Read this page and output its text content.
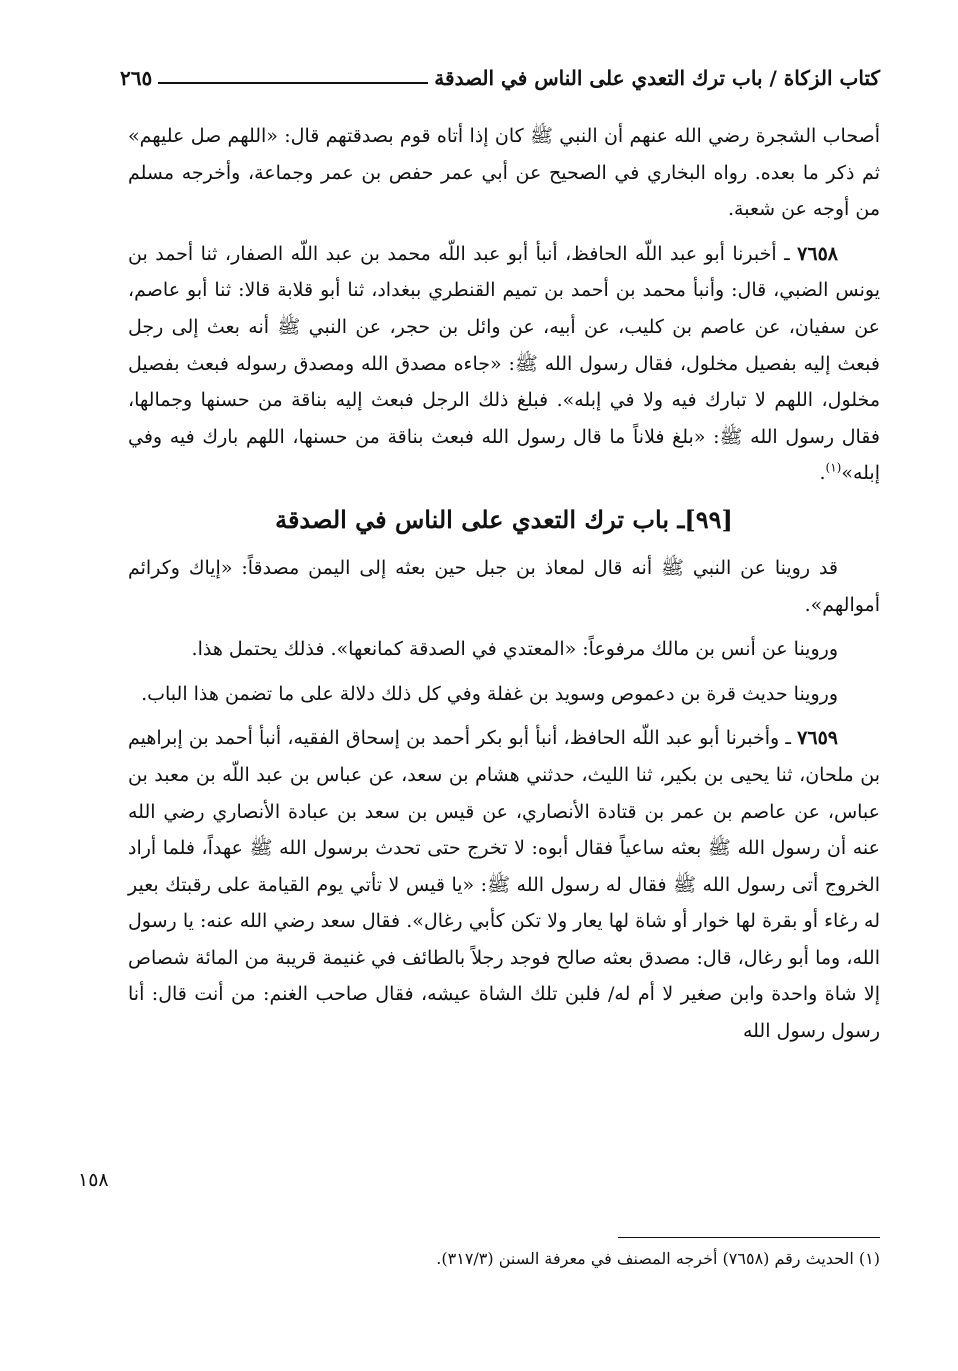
كتاب الزكاة / باب ترك التعدي على الناس في الصدقة
٢٦٥

أصحاب الشجرة رضي الله عنهم أن النبي ﷺ كان إذا أتاه قوم بصدقتهم قال: «اللهم صل عليهم» ثم ذكر ما بعده. رواه البخاري في الصحيح عن أبي عمر حفص بن عمر وجماعة، وأخرجه مسلم من أوجه عن شعبة.

٧٦٥٨ ـ أخبرنا أبو عبد اللّه الحافظ، أنبأ أبو عبد اللّه محمد بن عبد اللّه الصفار، ثنا أحمد بن يونس الضبي، قال: وأنبأ محمد بن أحمد بن تميم القنطري ببغداد، ثنا أبو قلابة قالا: ثنا أبو عاصم، عن سفيان، عن عاصم بن كليب، عن أبيه، عن وائل بن حجر، عن النبي ﷺ أنه بعث إلى رجل فبعث إليه بفصيل مخلول، فقال رسول الله ﷺ: «جاءه مصدق الله ومصدق رسوله فبعث بفصيل مخلول، اللهم لا تبارك فيه ولا في إبله». فبلغ ذلك الرجل فبعث إليه بناقة من حسنها وجمالها، فقال رسول الله ﷺ: «بلغ فلاناً ما قال رسول الله فبعث بناقة من حسنها، اللهم بارك فيه وفي إبله»$^{(١)}$.

[٩٩]ـ باب ترك التعدي على الناس في الصدقة

قد روينا عن النبي ﷺ أنه قال لمعاذ بن جبل حين بعثه إلى اليمن مصدقاً: «إياك وكرائم أموالهم».

وروينا عن أنس بن مالك مرفوعاً: «المعتدي في الصدقة كمانعها». فذلك يحتمل هذا.

وروينا حديث قرة بن دعموص وسويد بن غفلة وفي كل ذلك دلالة على ما تضمن هذا الباب.

٧٦٥٩ ـ وأخبرنا أبو عبد اللّه الحافظ، أنبأ أبو بكر أحمد بن إسحاق الفقيه، أنبأ أحمد بن إبراهيم بن ملحان، ثنا يحيى بن بكير، ثنا الليث، حدثني هشام بن سعد، عن عباس بن عبد اللّه بن معبد بن عباس، عن عاصم بن عمر بن قتادة الأنصاري، عن قيس بن سعد بن عبادة الأنصاري رضي الله عنه أن رسول الله ﷺ بعثه ساعياً فقال أبوه: لا تخرج حتى تحدث برسول الله ﷺ عهداً، فلما أراد الخروج أتى رسول الله ﷺ فقال له رسول الله ﷺ: «يا قيس لا تأتي يوم القيامة على رقبتك بعير له رغاء أو بقرة لها خوار أو شاة لها يعار ولا تكن كأبي رغال». فقال سعد رضي الله عنه: يا رسول الله، وما أبو رغال، قال: مصدق بعثه صالح فوجد رجلاً بالطائف في غنيمة قريبة من المائة شصاص إلا شاة واحدة وابن صغير لا أم له/ فلبن تلك الشاة عيشه، فقال صاحب الغنم: من أنت قال: أنا رسول رسول الله

١٥٨
(١) الحديث رقم (٧٦٥٨) أخرجه المصنف في معرفة السنن (٣١٧/٣).
